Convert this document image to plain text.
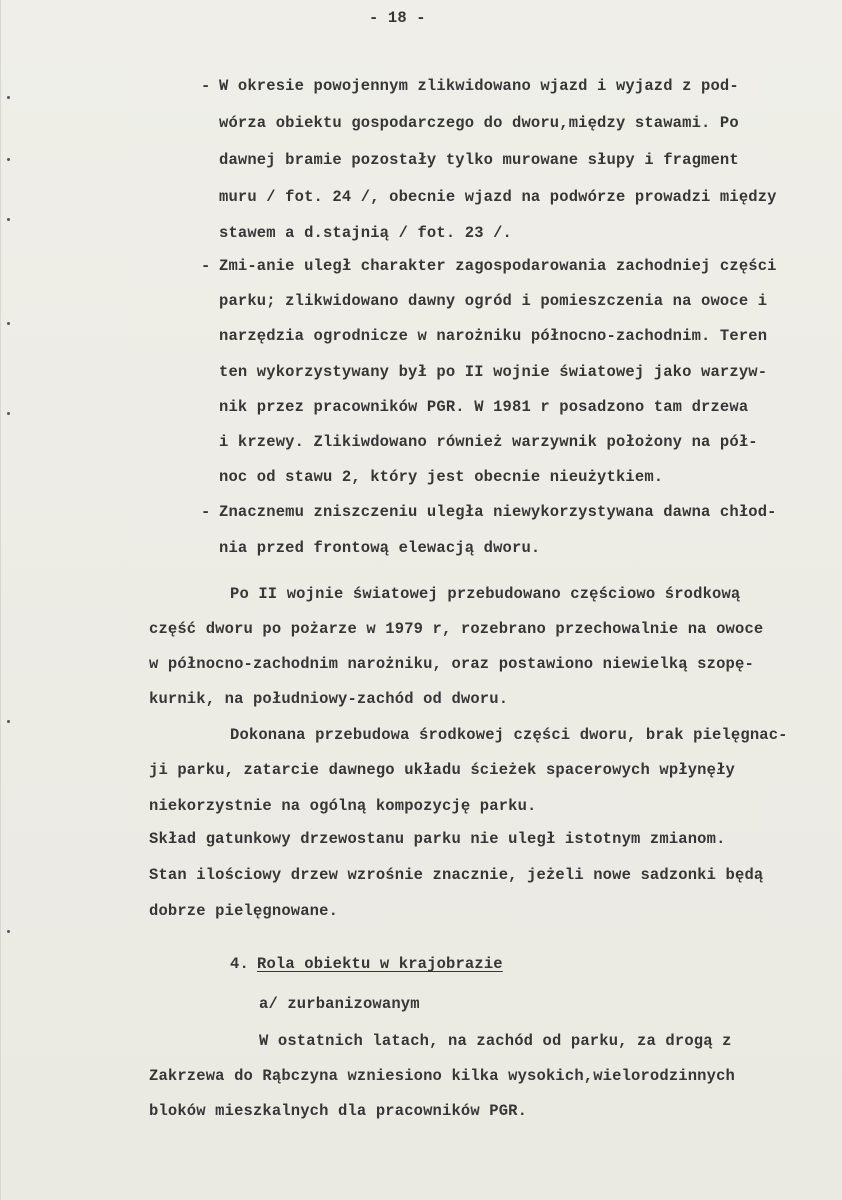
- 18 -
- W okresie powojennym zlikwidowano wjazd i wyjazd z pod-
wórza obiektu gospodarczego do dworu,między stawami. Po
dawnej bramie pozostały tylko murowane słupy i fragment
muru / fot. 24 /, obecnie wjazd na podwórze prowadzi między
stawem a d.stajnią / fot. 23 /.
- Zmi-anie uległ charakter zagospodarowania zachodniej części
parku; zlikwidowano dawny ogród i pomieszczenia na owoce i
narzędzia ogrodnicze w narożniku północno-zachodnim. Teren
ten wykorzystywany był po II wojnie światowej jako warzyw-
nik przez pracowników PGR. W 1981 r posadzono tam drzewa
i krzewy. Zlikiwdowano również warzywnik położony na pół-
noc od stawu 2, który jest obecnie nieużytkiem.
- Znacznemu zniszczeniu uległa niewykorzystywana dawna chłod-
nia przed frontową elewacją dworu.
Po II wojnie światowej przebudowano częściowo środkową
część dworu po pożarze w 1979 r, rozebrano przechowalnie na owoce
w północno-zachodnim narożniku, oraz postawiono niewielką szopę-
kurnik, na południowy-zachód od dworu.
Dokonana przebudowa środkowej części dworu, brak pielęgnac-
ji parku, zatarcie dawnego układu ścieżek spacerowych wpłynęły
niekorzystnie na ogólną kompozycję parku.
Skład gatunkowy drzewostanu parku nie uległ istotnym zmianom.
Stan ilościowy drzew wzrośnie znacznie, jeżeli nowe sadzonki będą
dobrze pielęgnowane.
4. Rola obiektu w krajobrazie
a/ zurbanizowanym
W ostatnich latach, na zachód od parku, za drogą z
Zakrzewa do Rąbczyna wzniesiono kilka wysokich,wielorodzinnych
bloków mieszkalnych dla pracowników PGR.
